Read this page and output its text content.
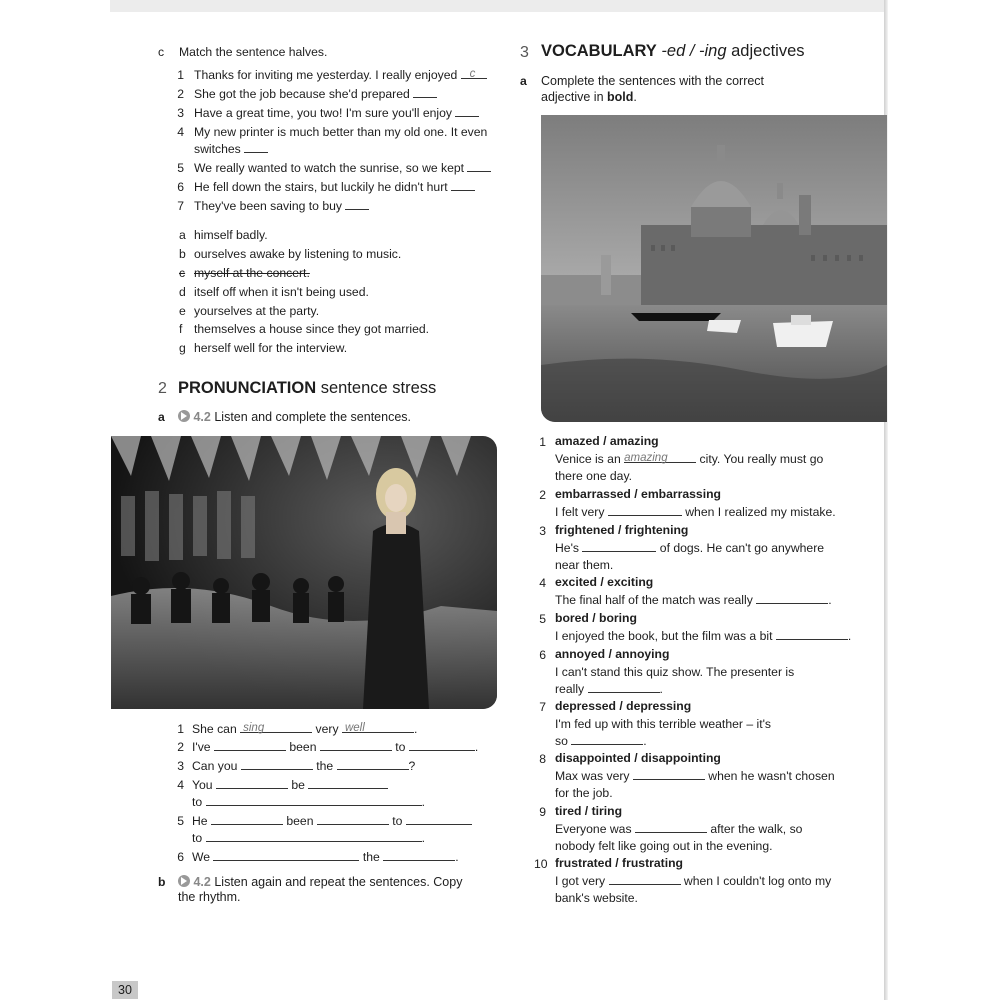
c Match the sentence halves.
1 Thanks for inviting me yesterday. I really enjoyed c
2 She got the job because she'd prepared
3 Have a great time, you two! I'm sure you'll enjoy
4 My new printer is much better than my old one. It even
switches
5 We really wanted to watch the sunrise, so we kept
6 He fell down the stairs, but luckily he didn't hurt
7 They've been saving to buy
a himself badly.
b ourselves awake by listening to music.
c myself at the concert.
d itself off when it isn't being used.
e yourselves at the party.
f themselves a house since they got married.
g herself well for the interview.
2 PRONUNCIATION sentence stress
a	4.2 Listen and complete the sentences.
1 She can sing	very well	.
2 I've	been	to	.
3 Can you	the	?
4 You	be
to	.
5 He	been	to
to	.
6 We	the	.
b	4.2 Listen again and repeat the sentences. Copy
the rhythm.
3 VOCABULARY -ed / -ing adjectives
a Complete the sentences with the correct
adjective in bold.
1 amazed / amazing
Venice is an amazing	city. You really must go
there one day.
2 embarrassed / embarrassing
I felt very	when I realized my mistake.
3 frightened / frightening
He's	of dogs. He can't go anywhere
near them.
4 excited / exciting
The final half of the match was really	.
5 bored / boring
I enjoyed the book, but the film was a bit	.
6 annoyed / annoying
I can't stand this quiz show. The presenter is
really	.
7 depressed / depressing
I'm fed up with this terrible weather – it's
so	.
8 disappointed / disappointing
Max was very	when he wasn't chosen
for the job.
9 tired / tiring
Everyone was	after the walk, so
nobody felt like going out in the evening.
10 frustrated / frustrating
I got very	when I couldn't log onto my
bank's website.
30
